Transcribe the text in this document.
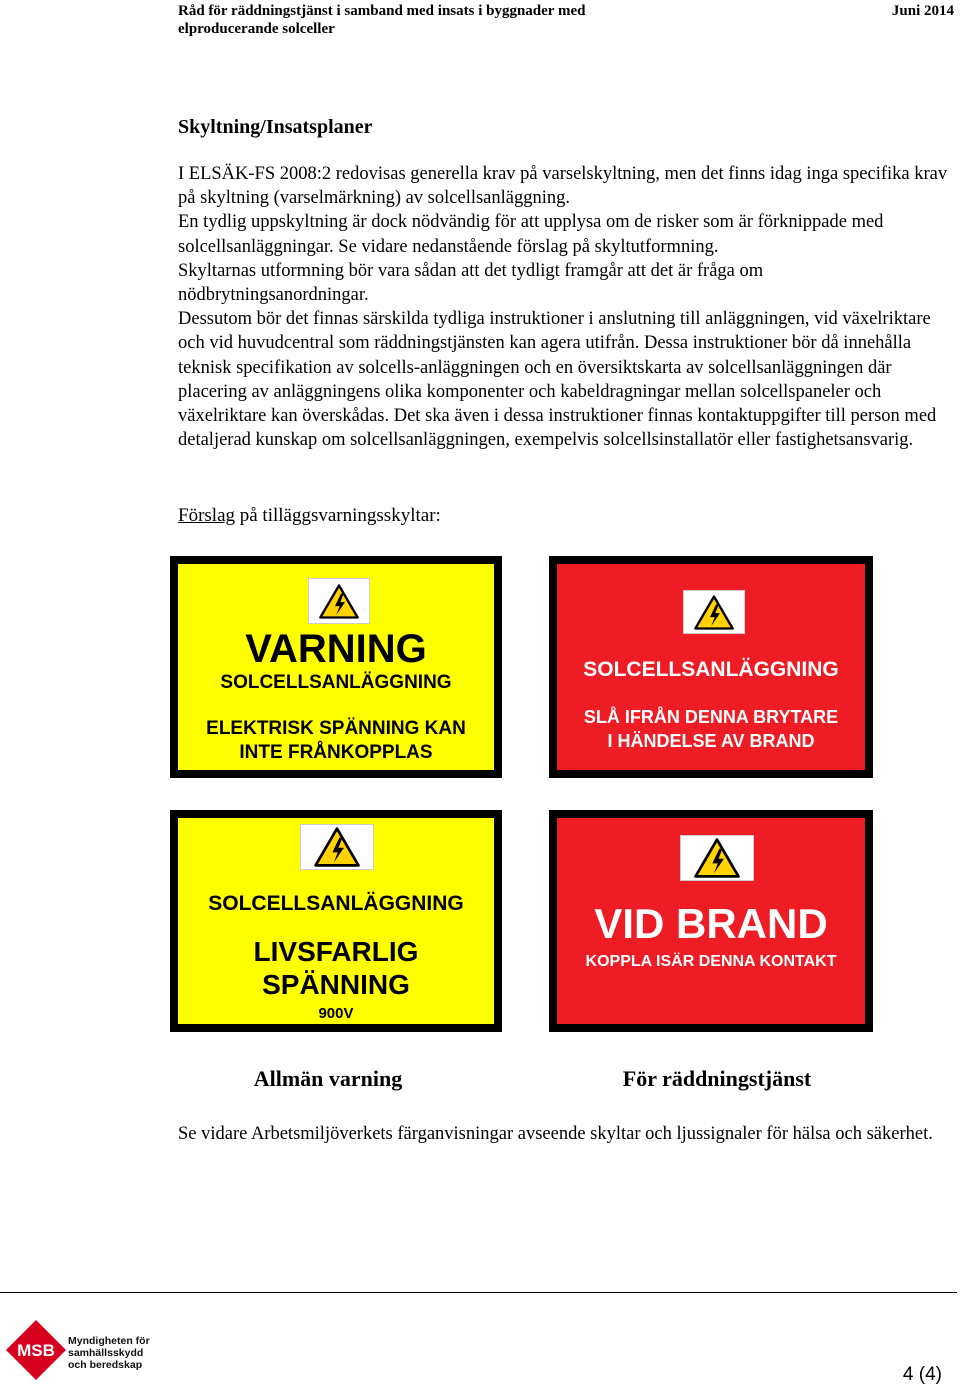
Råd för räddningstjänst i samband med insats i byggnader med elproducerande solceller
Juni 2014
Skyltning/Insatsplaner

I ELSÄK-FS 2008:2 redovisas generella krav på varselskyltning, men det finns idag inga specifika krav på skyltning (varselmärkning) av solcellsanläggning.

En tydlig uppskyltning är dock nödvändig för att upplysa om de risker som är förknippade med solcellsanläggningar. Se vidare nedanstående förslag på skyltutformning.

Skyltarnas utformning bör vara sådan att det tydligt framgår att det är fråga om nödbrytningsanordningar.

Dessutom bör det finnas särskilda tydliga instruktioner i anslutning till anläggningen, vid växelriktare och vid huvudcentral som räddningstjänsten kan agera utifrån. Dessa instruktioner bör då innehålla teknisk specifikation av solcells-anläggningen och en översiktskarta av solcellsanläggningen där placering av anläggningens olika komponenter och kabeldragningar mellan solcellspaneler och växelriktare kan överskådas. Det ska även i dessa instruktioner finnas kontaktuppgifter till person med detaljerad kunskap om solcellsanläggningen, exempelvis solcellsinstallatör eller fastighetsansvarig.

Förslag på tilläggsvarningsskyltar:
VARNING
SOLCELLSANLÄGGNING
ELEKTRISK SPÄNNING KAN
INTE FRÅNKOPPLAS
SOLCELLSANLÄGGNING
SLÅ IFRÅN DENNA BRYTARE
I HÄNDELSE AV BRAND
SOLCELLSANLÄGGNING
LIVSFARLIG
SPÄNNING
900V
VID BRAND
KOPPLA ISÄR DENNA KONTAKT
Allmän varning	För räddningstjänst
Se vidare Arbetsmiljöverkets färganvisningar avseende skyltar och ljussignaler för hälsa och säkerhet.
MSB Myndigheten för
samhällsskydd
och beredskap	4 (4)
